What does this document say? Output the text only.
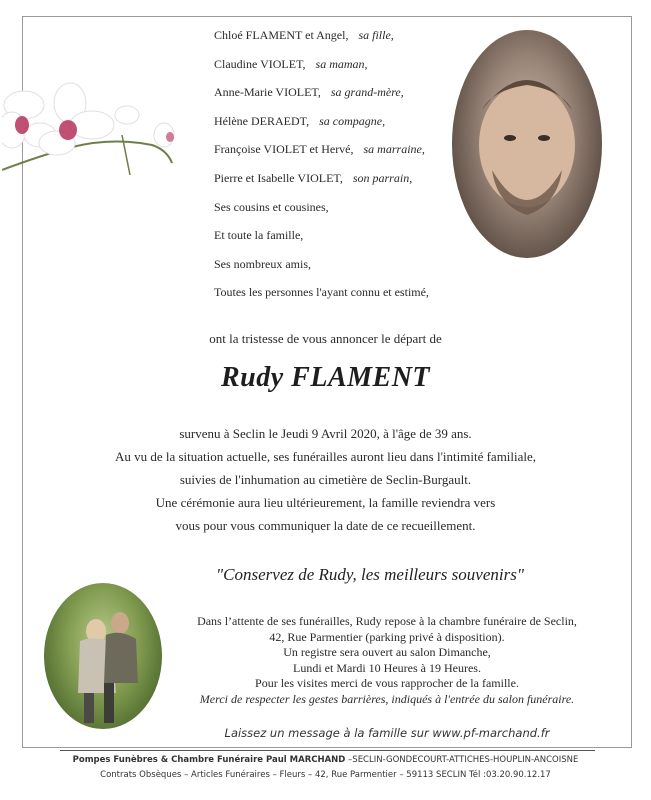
Chloé FLAMENT et Angel, sa fille,
Claudine VIOLET, sa maman,
Anne-Marie VIOLET, sa grand-mère,
Hélène DERAEDT, sa compagne,
Françoise VIOLET et Hervé, sa marraine,
Pierre et Isabelle VIOLET, son parrain,
Ses cousins et cousines,
Et toute la famille,
Ses nombreux amis,
Toutes les personnes l'ayant connu et estimé,
ont la tristesse de vous annoncer le départ de
Rudy FLAMENT
survenu à Seclin le Jeudi 9 Avril 2020, à l'âge de 39 ans.
Au vu de la situation actuelle, ses funérailles auront lieu dans l'intimité familiale,
suivies de l'inhumation au cimetière de Seclin-Burgault.
Une cérémonie aura lieu ultérieurement, la famille reviendra vers
vous pour vous communiquer la date de ce recueillement.
"Conservez de Rudy, les meilleurs souvenirs"
Dans l’attente de ses funérailles, Rudy repose à la chambre funéraire de Seclin,
42, Rue Parmentier (parking privé à disposition).
Un registre sera ouvert au salon Dimanche,
Lundi et Mardi 10 Heures à 19 Heures.
Pour les visites merci de vous rapprocher de la famille.
Merci de respecter les gestes barrières, indiqués à l'entrée du salon funéraire.
Laissez un message à la famille sur www.pf-marchand.fr
Pompes Funèbres & Chambre Funéraire Paul MARCHAND –SECLIN-GONDECOURT-ATTICHES-HOUPLIN-ANCOISNE
Contrats Obsèques – Articles Funéraires – Fleurs – 42, Rue Parmentier – 59113 SECLIN Tél :03.20.90.12.17
